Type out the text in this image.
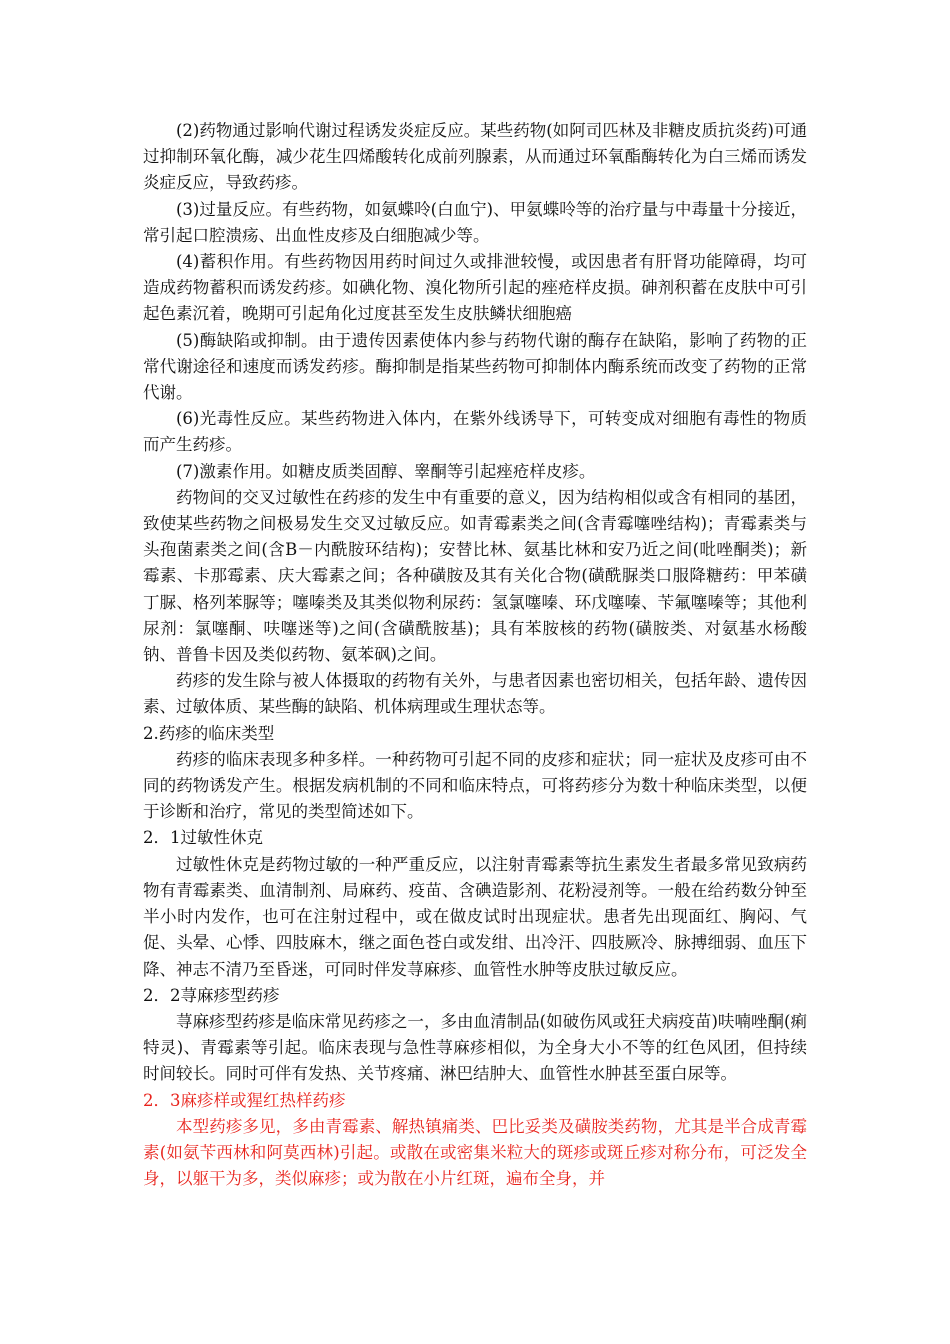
(2)药物通过影响代谢过程诱发炎症反应。某些药物(如阿司匹林及非糖皮质抗炎药)可通过抑制环氧化酶，减少花生四烯酸转化成前列腺素，从而通过环氧酯酶转化为白三烯而诱发炎症反应，导致药疹。

(3)过量反应。有些药物，如氨蝶呤(白血宁)、甲氨蝶呤等的治疗量与中毒量十分接近，常引起口腔溃疡、出血性皮疹及白细胞减少等。

(4)蓄积作用。有些药物因用药时间过久或排泄较慢，或因患者有肝肾功能障碍，均可造成药物蓄积而诱发药疹。如碘化物、溴化物所引起的痤疮样皮损。砷剂积蓄在皮肤中可引起色素沉着，晚期可引起角化过度甚至发生皮肤鳞状细胞癌

(5)酶缺陷或抑制。由于遗传因素使体内参与药物代谢的酶存在缺陷，影响了药物的正常代谢途径和速度而诱发药疹。酶抑制是指某些药物可抑制体内酶系统而改变了药物的正常代谢。

(6)光毒性反应。某些药物进入体内，在紫外线诱导下，可转变成对细胞有毒性的物质而产生药疹。

(7)激素作用。如糖皮质类固醇、睾酮等引起痤疮样皮疹。

药物间的交叉过敏性在药疹的发生中有重要的意义，因为结构相似或含有相同的基团，致使某些药物之间极易发生交叉过敏反应。如青霉素类之间(含青霉噻唑结构)；青霉素类与头孢菌素类之间(含B－内酰胺环结构)；安替比林、氨基比林和安乃近之间(吡唑酮类)；新霉素、卡那霉素、庆大霉素之间；各种磺胺及其有关化合物(磺酰脲类口服降糖药：甲苯磺丁脲、格列苯脲等；噻嗪类及其类似物利尿药：氢氯噻嗪、环戊噻嗪、苄氟噻嗪等；其他利尿剂：氯噻酮、呋噻迷等)之间(含磺酰胺基)；具有苯胺核的药物(磺胺类、对氨基水杨酸钠、普鲁卡因及类似药物、氨苯砜)之间。

药疹的发生除与被人体摄取的药物有关外，与患者因素也密切相关，包括年龄、遗传因素、过敏体质、某些酶的缺陷、机体病理或生理状态等。

2.药疹的临床类型

药疹的临床表现多种多样。一种药物可引起不同的皮疹和症状；同一症状及皮疹可由不同的药物诱发产生。根据发病机制的不同和临床特点，可将药疹分为数十种临床类型，以便于诊断和治疗，常见的类型简述如下。

2．1过敏性休克

过敏性休克是药物过敏的一种严重反应，以注射青霉素等抗生素发生者最多常见致病药物有青霉素类、血清制剂、局麻药、疫苗、含碘造影剂、花粉浸剂等。一般在给药数分钟至半小时内发作，也可在注射过程中，或在做皮试时出现症状。患者先出现面红、胸闷、气促、头晕、心悸、四肢麻木，继之面色苍白或发绀、出冷汗、四肢厥冷、脉搏细弱、血压下降、神志不清乃至昏迷，可同时伴发荨麻疹、血管性水肿等皮肤过敏反应。

2．2荨麻疹型药疹

荨麻疹型药疹是临床常见药疹之一，多由血清制品(如破伤风或狂犬病疫苗)呋喃唑酮(痢特灵)、青霉素等引起。临床表现与急性荨麻疹相似，为全身大小不等的红色风团，但持续时间较长。同时可伴有发热、关节疼痛、淋巴结肿大、血管性水肿甚至蛋白尿等。

2．3麻疹样或猩红热样药疹

本型药疹多见，多由青霉素、解热镇痛类、巴比妥类及磺胺类药物，尤其是半合成青霉素(如氨苄西林和阿莫西林)引起。或散在或密集米粒大的斑疹或斑丘疹对称分布，可泛发全身，以躯干为多，类似麻疹；或为散在小片红斑，遍布全身，并
